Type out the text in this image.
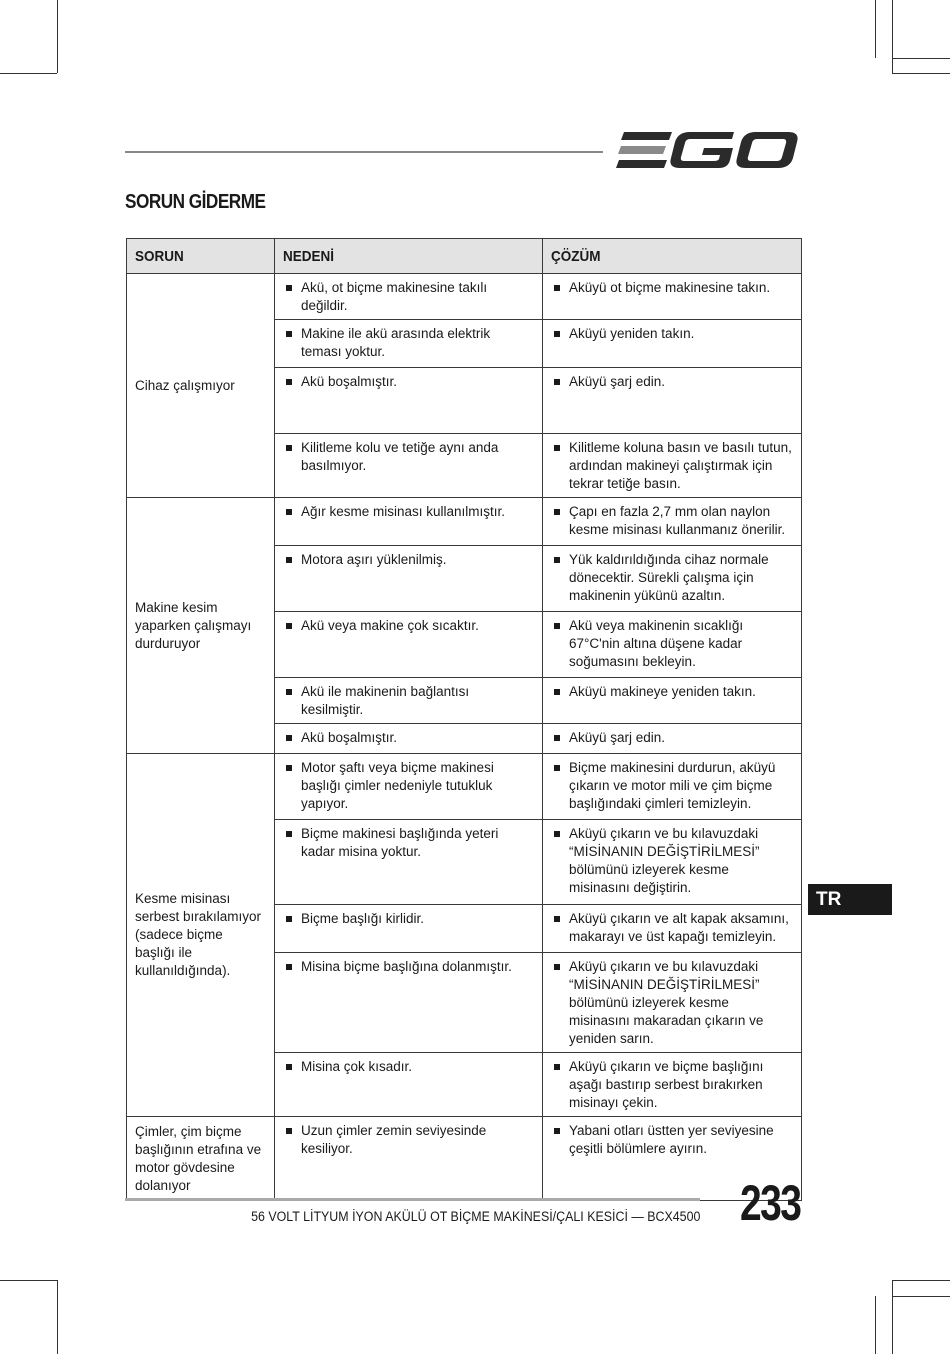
SORUN GİDERME
SORUN	NEDENİ	ÇÖZÜM
Cihaz çalışmıyor	Akü, ot biçme makinesine takılı değildir.	Aküyü ot biçme makinesine takın.

	Makine ile akü arasında elektrik teması yoktur.	Aküyü yeniden takın.

	Akü boşalmıştır.	Aküyü şarj edin.

	Kilitleme kolu ve tetiğe aynı anda basılmıyor.	Kilitleme koluna basın ve basılı tutun, ardından makineyi çalıştırmak için tekrar tetiğe basın.

Makine kesim yaparken çalışmayı durduruyor	Ağır kesme misinası kullanılmıştır.	Çapı en fazla 2,7 mm olan naylon kesme misinası kullanmanız önerilir.

	Motora aşırı yüklenilmiş.	Yük kaldırıldığında cihaz normale dönecektir. Sürekli çalışma için makinenin yükünü azaltın.

	Akü veya makine çok sıcaktır.	Akü veya makinenin sıcaklığı 67°C'nin altına düşene kadar soğumasını bekleyin.

	Akü ile makinenin bağlantısı kesilmiştir.	Aküyü makineye yeniden takın.

	Akü boşalmıştır.	Aküyü şarj edin.

Kesme misinası serbest bırakılamıyor (sadece biçme başlığı ile kullanıldığında).	Motor şaftı veya biçme makinesi başlığı çimler nedeniyle tutukluk yapıyor.	Biçme makinesini durdurun, aküyü çıkarın ve motor mili ve çim biçme başlığındaki çimleri temizleyin.

	Biçme makinesi başlığında yeteri kadar misina yoktur.	Aküyü çıkarın ve bu kılavuzdaki “MİSİNANIN DEĞİŞTİRİLMESİ” bölümünü izleyerek kesme misinasını değiştirin.

	Biçme başlığı kirlidir.	Aküyü çıkarın ve alt kapak aksamını, makarayı ve üst kapağı temizleyin.

	Misina biçme başlığına dolanmıştır.	Aküyü çıkarın ve bu kılavuzdaki “MİSİNANIN DEĞİŞTİRİLMESİ” bölümünü izleyerek kesme misinasını makaradan çıkarın ve yeniden sarın.

	Misina çok kısadır.	Aküyü çıkarın ve biçme başlığını aşağı bastırıp serbest bırakırken misinayı çekin.

Çimler, çim biçme başlığının etrafına ve motor gövdesine dolanıyor	Uzun çimler zemin seviyesinde kesiliyor.	Yabani otları üstten yer seviyesine çeşitli bölümlere ayırın.
TR
56 VOLT LİTYUM İYON AKÜLÜ OT BİÇME MAKİNESİ/ÇALI KESİCİ — BCX4500 233
